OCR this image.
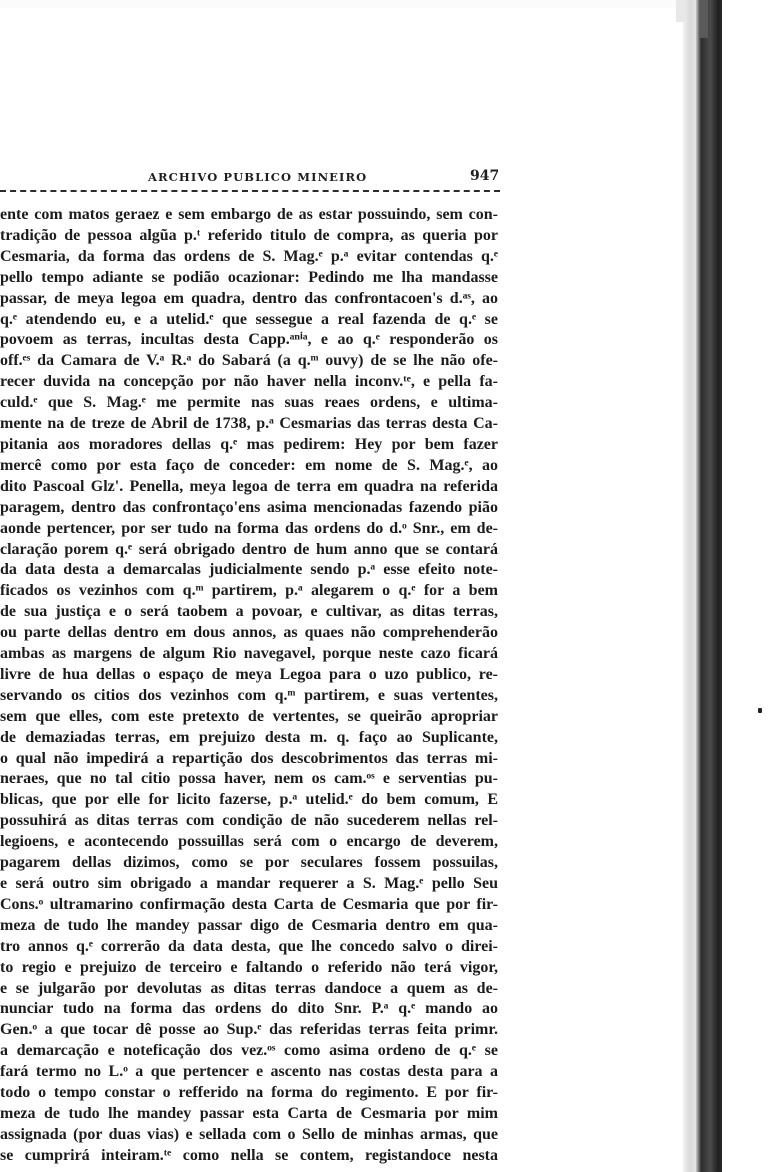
ARCHIVO PUBLICO MINEIRO	947
ente com matos geraez e sem embargo de as estar possuindo, sem con-
tradição de pessoa algũa p.ᵗ referido titulo de compra, as queria por
Cesmaria, da forma das ordens de S. Mag.ᵉ p.ᵃ evitar contendas q.ᵉ
pello tempo adiante se podião ocazionar: Pedindo me lha mandasse
passar, de meya legoa em quadra, dentro das confrontacoen's d.ᵃˢ, ao
q.ᵉ atendendo eu, e a utelid.ᵉ que sessegue a real fazenda de q.ᵉ se
povoem as terras, incultas desta Capp.ᵃⁿⁱᵃ, e ao q.ᵉ responderão os
off.ᵉˢ da Camara de V.ᵃ R.ᵃ do Sabará (a q.ᵐ ouvy) de se lhe não ofe-
recer duvida na concepção por não haver nella inconv.ᵗᵉ, e pella fa-
culd.ᵉ que S. Mag.ᵉ me permite nas suas reaes ordens, e ultima-
mente na de treze de Abril de 1738, p.ᵃ Cesmarias das terras desta Ca-
pitania aos moradores dellas q.ᵉ mas pedirem: Hey por bem fazer
mercê como por esta faço de conceder: em nome de S. Mag.ᵉ, ao
dito Pascoal Glz'. Penella, meya legoa de terra em quadra na referida
paragem, dentro das confrontaço'ens asima mencionadas fazendo pião
aonde pertencer, por ser tudo na forma das ordens do d.ᵒ Snr., em de-
claração porem q.ᵉ será obrigado dentro de hum anno que se contará
da data desta a demarcalas judicialmente sendo p.ᵃ esse efeito note-
ficados os vezinhos com q.ᵐ partirem, p.ᵃ alegarem o q.ᵉ for a bem
de sua justiça e o será taobem a povoar, e cultivar, as ditas terras,
ou parte dellas dentro em dous annos, as quaes não comprehenderão
ambas as margens de algum Rio navegavel, porque neste cazo ficará
livre de hua dellas o espaço de meya Legoa para o uzo publico, re-
servando os citios dos vezinhos com q.ᵐ partirem, e suas vertentes,
sem que elles, com este pretexto de vertentes, se queirão apropriar
de demaziadas terras, em prejuizo desta m. q. faço ao Suplicante,
o qual não impedirá a repartição dos descobrimentos das terras mi-
neraes, que no tal citio possa haver, nem os cam.ᵒˢ e serventias pu-
blicas, que por elle for licito fazerse, p.ᵃ utelid.ᵉ do bem comum, E
possuhirá as ditas terras com condição de não sucederem nellas rel-
legioens, e acontecendo possuillas será com o encargo de deverem,
pagarem dellas dizimos, como se por seculares fossem possuilas,
e será outro sim obrigado a mandar requerer a S. Mag.ᵉ pello Seu
Cons.ᵒ ultramarino confirmação desta Carta de Cesmaria que por fir-
meza de tudo lhe mandey passar digo de Cesmaria dentro em qua-
tro annos q.ᵉ correrão da data desta, que lhe concedo salvo o direi-
to regio e prejuizo de terceiro e faltando o referido não terá vigor,
e se julgarão por devolutas as ditas terras dandoce a quem as de-
nunciar tudo na forma das ordens do dito Snr. P.ᵃ q.ᵉ mando ao
Gen.ᵒ a que tocar dê posse ao Sup.ᵉ das referidas terras feita primr.
a demarcação e noteficação dos vez.ᵒˢ como asima ordeno de q.ᵉ se
fará termo no L.ᵒ a que pertencer e ascento nas costas desta para a
todo o tempo constar o refferido na forma do regimento. E por fir-
meza de tudo lhe mandey passar esta Carta de Cesmaria por mim
assignada (por duas vias) e sellada com o Sello de minhas armas, que
se cumprirá inteiram.ᵗᵉ como nella se contem, registandoce nesta
